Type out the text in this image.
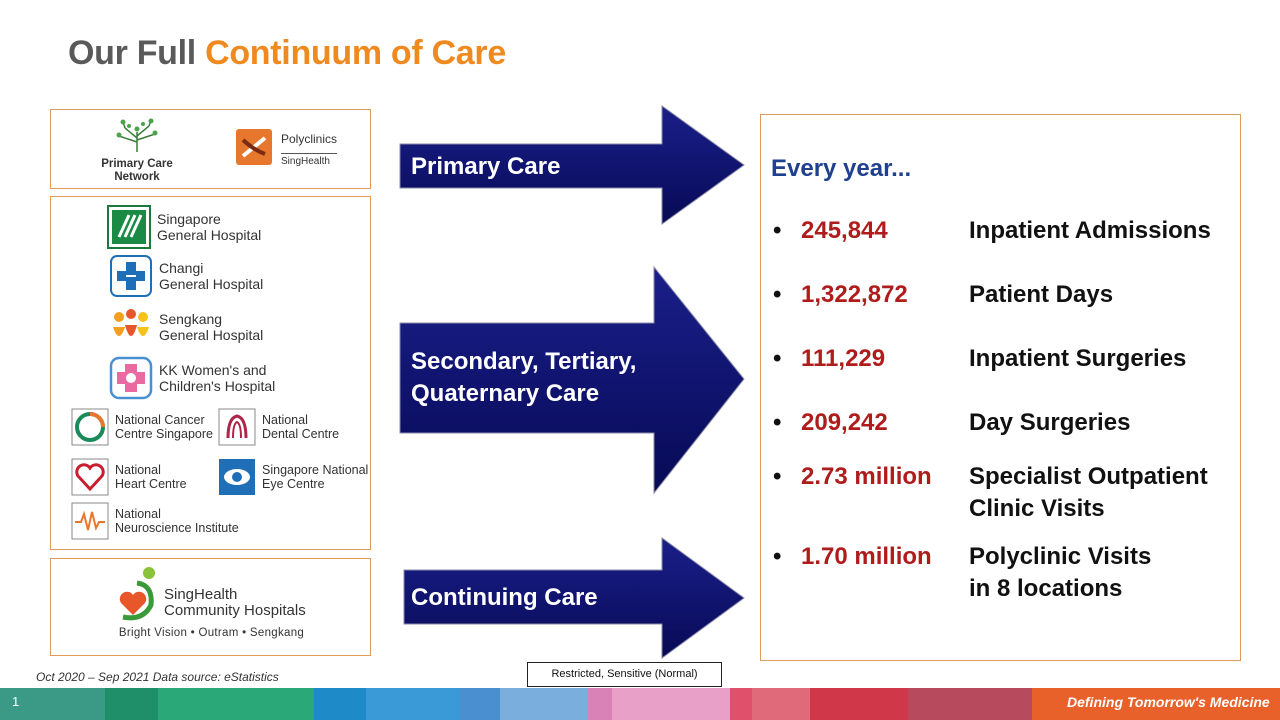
Our Full Continuum of Care
Primary Care
Network
Polyclinics
SingHealth
Singapore
General Hospital
Changi
General Hospital
Sengkang
General Hospital
KK Women's and
Children's Hospital
National Cancer
Centre Singapore
National
Dental Centre
National
Heart Centre
Singapore National
Eye Centre
National
Neuroscience Institute
SingHealth
Community Hospitals
Bright Vision • Outram • Sengkang
Primary Care
Secondary, Tertiary,
Quaternary Care
Continuing Care
Every year...
• 245,844	Inpatient Admissions
• 1,322,872	Patient Days
• 111,229	Inpatient Surgeries
• 209,242	Day Surgeries
• 2.73 million Specialist Outpatient
Clinic Visits
• 1.70 million Polyclinic Visits
in 8 locations
Oct 2020 – Sep 2021 Data source: eStatistics	Restricted, Sensitive (Normal)
1	Defining Tomorrow's Medicine
